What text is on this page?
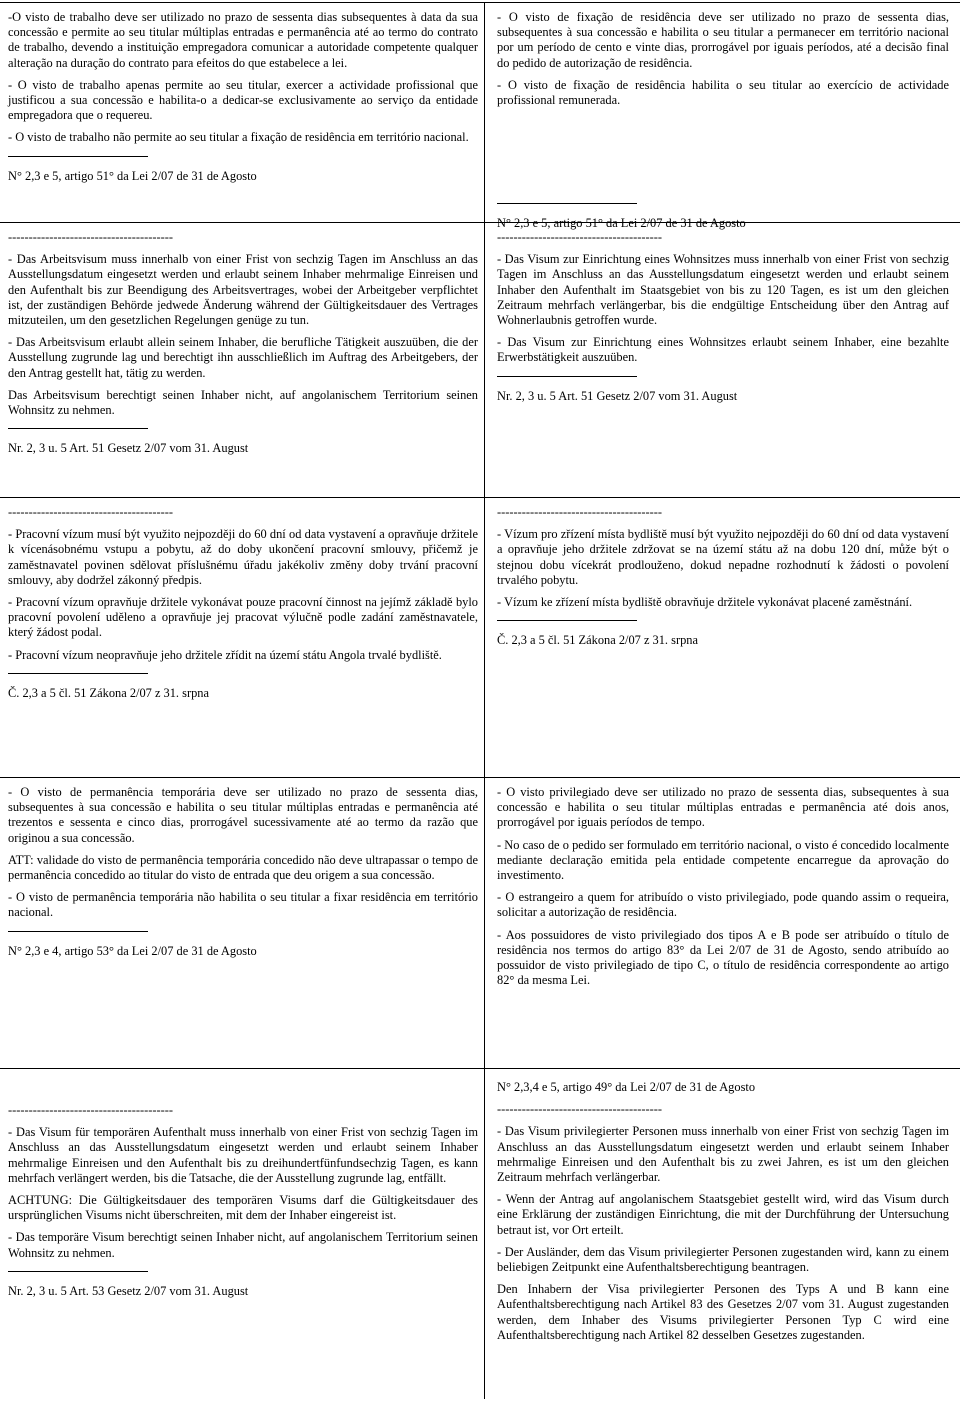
-O visto de trabalho deve ser utilizado no prazo de sessenta dias subsequentes à data da sua concessão e permite ao seu titular múltiplas entradas e permanência até ao termo do contrato de trabalho, devendo a instituição empregadora comunicar a autoridade competente qualquer alteração na duração do contrato para efeitos do que estabelece a lei.

- O visto de trabalho apenas permite ao seu titular, exercer a actividade profissional que justificou a sua concessão e habilita-o a dedicar-se exclusivamente ao serviço da entidade empregadora que o requereu.

- O visto de trabalho não permite ao seu titular a fixação de residência em território nacional.

N° 2,3 e 5, artigo 51° da Lei 2/07 de 31 de Agosto

- O visto de fixação de residência deve ser utilizado no prazo de sessenta dias, subsequentes à sua concessão e habilita o seu titular a permanecer em território nacional por um período de cento e vinte dias, prorrogável por iguais períodos, até a decisão final do pedido de autorização de residência.

- O visto de fixação de residência habilita o seu titular ao exercício de actividade profissional remunerada.

N° 2,3 e 5, artigo 51° da Lei 2/07 de 31 de Agosto

----------------------------------------

- Das Arbeitsvisum muss innerhalb von einer Frist von sechzig Tagen im Anschluss an das Ausstellungsdatum eingesetzt werden und erlaubt seinem Inhaber mehrmalige Einreisen und den Aufenthalt bis zur Beendigung des Arbeitsvertrages, wobei der Arbeitgeber verpflichtet ist, der zuständigen Behörde jedwede Änderung während der Gültigkeitsdauer des Vertrages mitzuteilen, um den gesetzlichen Regelungen genüge zu tun.

- Das Arbeitsvisum erlaubt allein seinem Inhaber, die berufliche Tätigkeit auszuüben, die der Ausstellung zugrunde lag und berechtigt ihn ausschließlich im Auftrag des Arbeitgebers, der den Antrag gestellt hat, tätig zu werden.

Das Arbeitsvisum berechtigt seinen Inhaber nicht, auf angolanischem Territorium seinen Wohnsitz zu nehmen.

Nr. 2, 3 u. 5 Art. 51 Gesetz 2/07 vom 31. August

----------------------------------------

- Das Visum zur Einrichtung eines Wohnsitzes muss innerhalb von einer Frist von sechzig Tagen im Anschluss an das Ausstellungsdatum eingesetzt werden und erlaubt seinem Inhaber den Aufenthalt im Staatsgebiet von bis zu 120 Tagen, es ist um den gleichen Zeitraum mehrfach verlängerbar, bis die endgültige Entscheidung über den Antrag auf Wohnerlaubnis getroffen wurde.

- Das Visum zur Einrichtung eines Wohnsitzes erlaubt seinem Inhaber, eine bezahlte Erwerbstätigkeit auszuüben.

Nr. 2, 3 u. 5 Art. 51 Gesetz 2/07 vom 31. August

----------------------------------------

- Pracovní vízum musí být využito nejpozději do 60 dní od data vystavení a opravňuje držitele k vícenásobnému vstupu a pobytu, až do doby ukončení pracovní smlouvy, přičemž je zaměstnavatel povinen sdělovat příslušnému úřadu jakékoliv změny doby trvání pracovní smlouvy, aby dodržel zákonný předpis.

- Pracovní vízum opravňuje držitele vykonávat pouze pracovní činnost na jejímž základě bylo pracovní povolení uděleno a opravňuje jej pracovat výlučně podle zadání zaměstnavatele, který žádost podal.

- Pracovní vízum neopravňuje jeho držitele zřídit na území státu Angola trvalé bydliště.

Č. 2,3 a 5 čl. 51 Zákona 2/07 z 31. srpna

----------------------------------------

- Vízum pro zřízení místa bydliště musí být využito nejpozději do 60 dní od data vystavení a opravňuje jeho držitele zdržovat se na území státu až na dobu 120 dní, může být o stejnou dobu vícekrát prodlouženo, dokud nepadne rozhodnutí k žádosti o povolení trvalého pobytu.

- Vízum ke zřízení místa bydliště obravňuje držitele vykonávat placené zaměstnání.

Č. 2,3 a 5 čl. 51 Zákona 2/07 z 31. srpna

- O visto de permanência temporária deve ser utilizado no prazo de sessenta dias, subsequentes à sua concessão e habilita o seu titular múltiplas entradas e permanência até trezentos e sessenta e cinco dias, prorrogável sucessivamente até ao termo da razão que originou a sua concessão.

ATT: validade do visto de permanência temporária concedido não deve ultrapassar o tempo de permanência concedido ao titular do visto de entrada que deu origem a sua concessão.

- O visto de permanência temporária não habilita o seu titular a fixar residência em território nacional.

N° 2,3 e 4, artigo 53° da Lei 2/07 de 31 de Agosto

- O visto privilegiado deve ser utilizado no prazo de sessenta dias, subsequentes à sua concessão e habilita o seu titular múltiplas entradas e permanência até dois anos, prorrogável por iguais períodos de tempo.

- No caso de o pedido ser formulado em território nacional, o visto é concedido localmente mediante declaração emitida pela entidade competente encarregue da aprovação do investimento.

- O estrangeiro a quem for atribuído o visto privilegiado, pode quando assim o requeira, solicitar a autorização de residência.

- Aos possuidores de visto privilegiado dos tipos A e B pode ser atribuído o título de residência nos termos do artigo 83° da Lei 2/07 de 31 de Agosto, sendo atribuído ao possuidor de visto privilegiado de tipo C, o título de residência correspondente ao artigo 82° da mesma Lei.

----------------------------------------

- Das Visum für temporären Aufenthalt muss innerhalb von einer Frist von sechzig Tagen im Anschluss an das Ausstellungsdatum eingesetzt werden und erlaubt seinem Inhaber mehrmalige Einreisen und den Aufenthalt bis zu dreihundertfünfundsechzig Tagen, es kann mehrfach verlängert werden, bis die Tatsache, die der Ausstellung zugrunde lag, entfällt.

ACHTUNG: Die Gültigkeitsdauer des temporären Visums darf die Gültigkeitsdauer des ursprünglichen Visums nicht überschreiten, mit dem der Inhaber eingereist ist.

- Das temporäre Visum berechtigt seinen Inhaber nicht, auf angolanischem Territorium seinen Wohnsitz zu nehmen.

Nr. 2, 3 u. 5 Art. 53 Gesetz 2/07 vom 31. August

N° 2,3,4 e 5, artigo 49° da Lei 2/07 de 31 de Agosto

----------------------------------------

- Das Visum privilegierter Personen muss innerhalb von einer Frist von sechzig Tagen im Anschluss an das Ausstellungsdatum eingesetzt werden und erlaubt seinem Inhaber mehrmalige Einreisen und den Aufenthalt bis zu zwei Jahren, es ist um den gleichen Zeitraum mehrfach verlängerbar.

- Wenn der Antrag auf angolanischem Staatsgebiet gestellt wird, wird das Visum durch eine Erklärung der zuständigen Einrichtung, die mit der Durchführung der Untersuchung betraut ist, vor Ort erteilt.

- Der Ausländer, dem das Visum privilegierter Personen zugestanden wird, kann zu einem beliebigen Zeitpunkt eine Aufenthaltsberechtigung beantragen.

Den Inhabern der Visa privilegierter Personen des Typs A und B kann eine Aufenthaltsberechtigung nach Artikel 83 des Gesetzes 2/07 vom 31. August zugestanden werden, dem Inhaber des Visums privilegierter Personen Typ C wird eine Aufenthaltsberechtigung nach Artikel 82 desselben Gesetzes zugestanden.
